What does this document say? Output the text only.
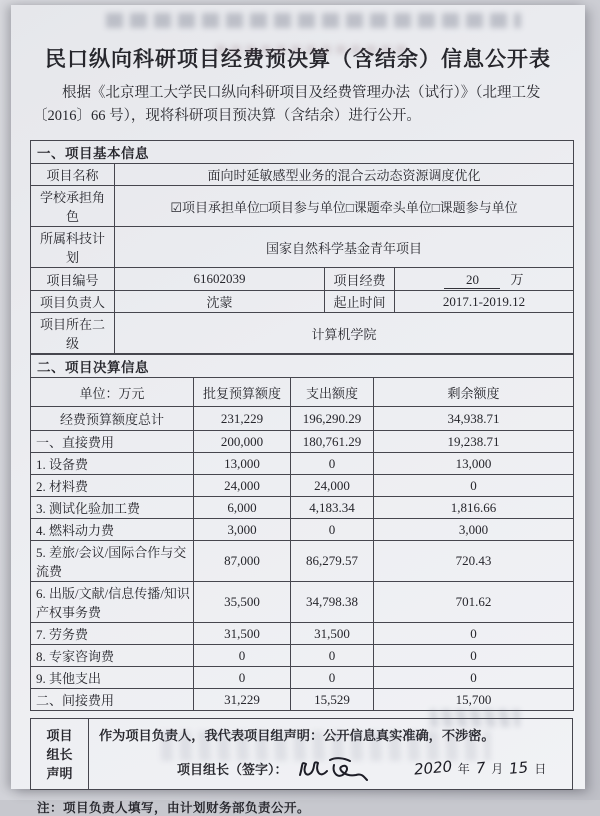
民口纵向科研项目经费预决算（含结余）信息公开表

根据《北京理工大学民口纵向科研项目及经费管理办法（试行）》（北理工发
〔2016〕66 号），现将科研项目预决算（含结余）进行公开。

一、项目基本信息			
项目名称	面向时延敏感型业务的混合云动态资源调度优化		
学校承担角色	☑项目承担单位□项目参与单位□课题牵头单位□课题参与单位		
所属科技计划	国家自然科学基金青年项目		
项目编号	61602039	项目经费	20 万
项目负责人	沈蒙	起止时间	2017.1-2019.12
项目所在二级	计算机学院		
二、项目决算信息			
单位：万元	批复预算额度	支出额度	剩余额度
经费预算额度总计	231,229	196,290.29	34,938.71
一、直接费用	200,000	180,761.29	19,238.71
1. 设备费	13,000	0	13,000
2. 材料费	24,000	24,000	0
3. 测试化验加工费	6,000	4,183.34	1,816.66
4. 燃料动力费	3,000	0	3,000
5. 差旅/会议/国际合作与交流费	87,000	86,279.57	720.43
6. 出版/文献/信息传播/知识产权事务费	35,500	34,798.38	701.62
7. 劳务费	31,500	31,500	0
8. 专家咨询费	0	0	0
9. 其他支出	0	0	0
二、间接费用	31,229	15,529	15,700
项目
组长
声明	
作为项目负责人，我代表项目组声明：公开信息真实准确，不涉密。
项目组长（签字）：	2020 年 7 月 15 日

注：项目负责人填写，由计划财务部负责公开。
